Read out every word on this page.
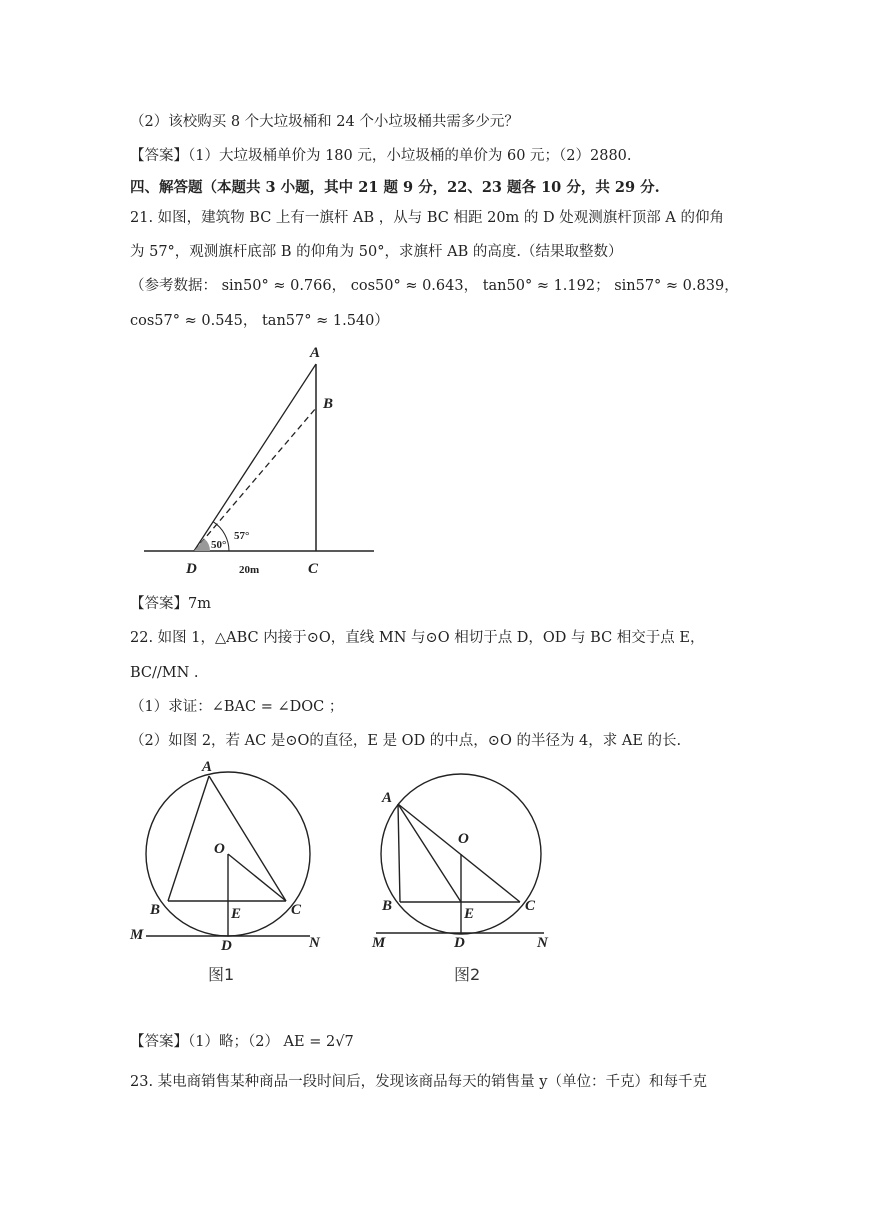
（2）该校购买 8 个大垃圾桶和 24 个小垃圾桶共需多少元？
【答案】（1）大垃圾桶单价为 180 元，小垃圾桶的单价为 60 元；（2）2880.
四、解答题（本题共 3 小题，其中 21 题 9 分，22、23 题各 10 分，共 29 分.
21. 如图，建筑物 BC 上有一旗杆 AB ，从与 BC 相距 20m 的 D 处观测旗杆顶部 A 的仰角
为 57°，观测旗杆底部 B 的仰角为 50°，求旗杆 AB 的高度.（结果取整数）
（参考数据： sin50° ≈ 0.766， cos50° ≈ 0.643， tan50° ≈ 1.192； sin57° ≈ 0.839，
cos57° ≈ 0.545， tan57° ≈ 1.540）
A
B
C
D
57°
50°
20m
【答案】7m
22. 如图 1，△ABC 内接于⊙O，直线 MN 与⊙O 相切于点 D，OD 与 BC 相交于点 E，
BC//MN .
（1）求证：∠BAC = ∠DOC ；
（2）如图 2，若 AC 是⊙O的直径，E 是 OD 的中点，⊙O 的半径为 4，求 AE 的长.
A
O
B	C
E
D
M	N
图1
A
O
B	C
E
D
M	N
图2
【答案】（1）略；（2） AE = 2√7
23. 某电商销售某种商品一段时间后，发现该商品每天的销售量 y（单位：千克）和每千克
